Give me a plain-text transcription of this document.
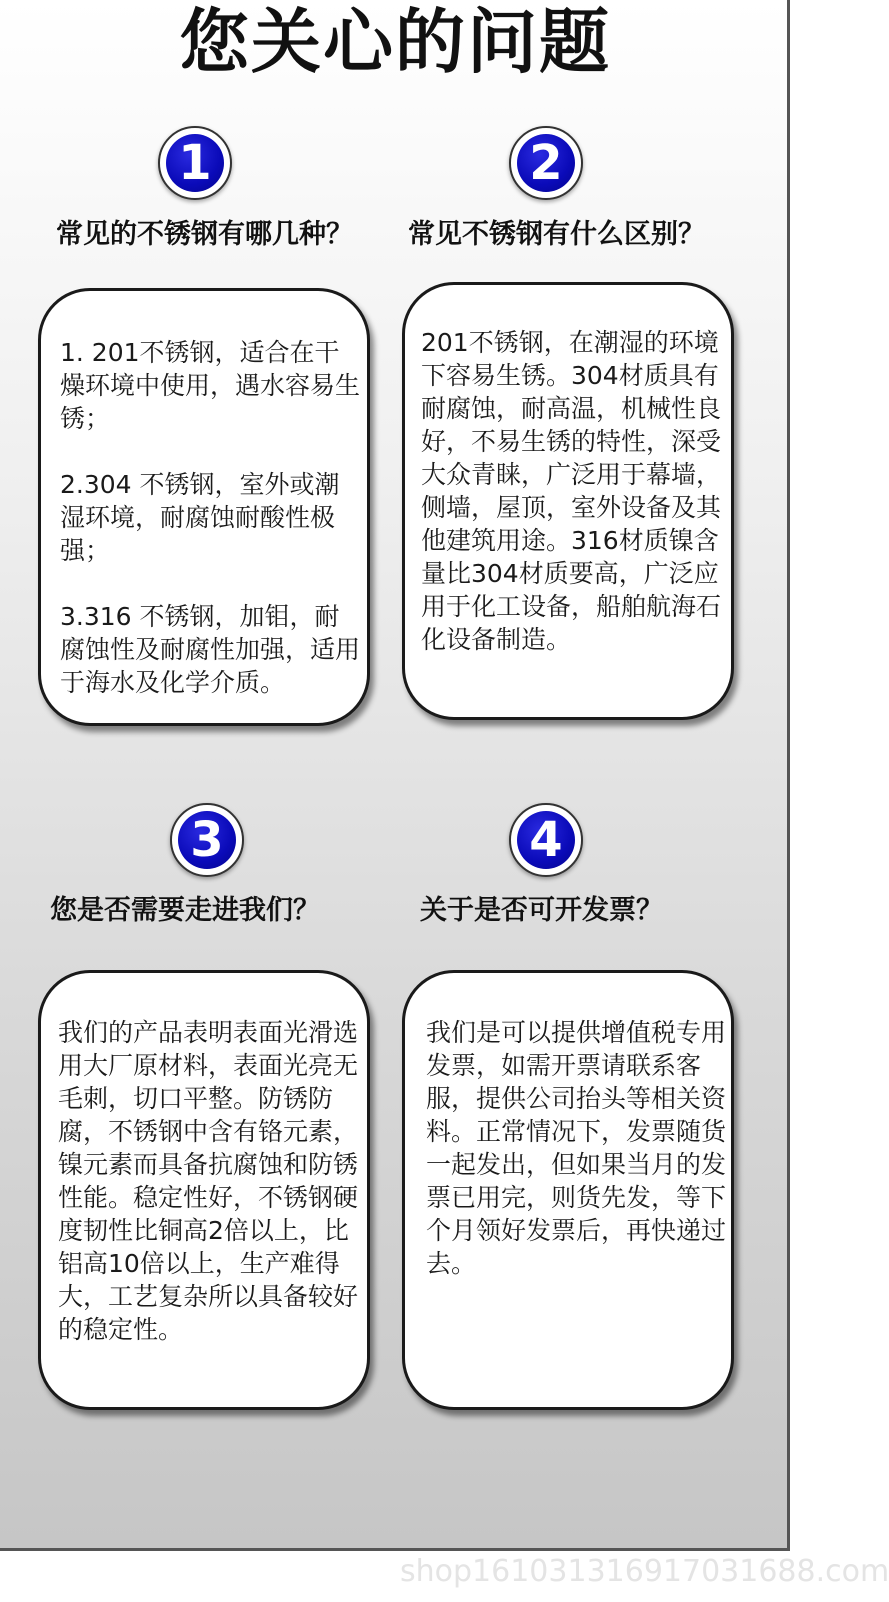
您关心的问题
1
常见的不锈钢有哪几种？
1. 201不锈钢，适合在干燥环境中使用，遇水容易生锈；

2.304 不锈钢，室外或潮湿环境，耐腐蚀耐酸性极强；

3.316 不锈钢，加钼，耐腐蚀性及耐腐性加强，适用于海水及化学介质。
2
常见不锈钢有什么区别？
201不锈钢，在潮湿的环境下容易生锈。304材质具有耐腐蚀，耐高温，机械性良好，不易生锈的特性，深受大众青睐，广泛用于幕墙，侧墙，屋顶，室外设备及其他建筑用途。316材质镍含量比304材质要高，广泛应用于化工设备，船舶航海石化设备制造。
3
您是否需要走进我们？
我们的产品表明表面光滑选用大厂原材料，表面光亮无毛刺，切口平整。防锈防腐，不锈钢中含有铬元素，镍元素而具备抗腐蚀和防锈性能。稳定性好，不锈钢硬度韧性比铜高2倍以上，比铝高10倍以上，生产难得大，工艺复杂所以具备较好的稳定性。
4
关于是否可开发票？
我们是可以提供增值税专用发票，如需开票请联系客服，提供公司抬头等相关资料。正常情况下，发票随货一起发出，但如果当月的发票已用完，则货先发，等下个月领好发票后，再快递过去。
shop161031316917031688.com
